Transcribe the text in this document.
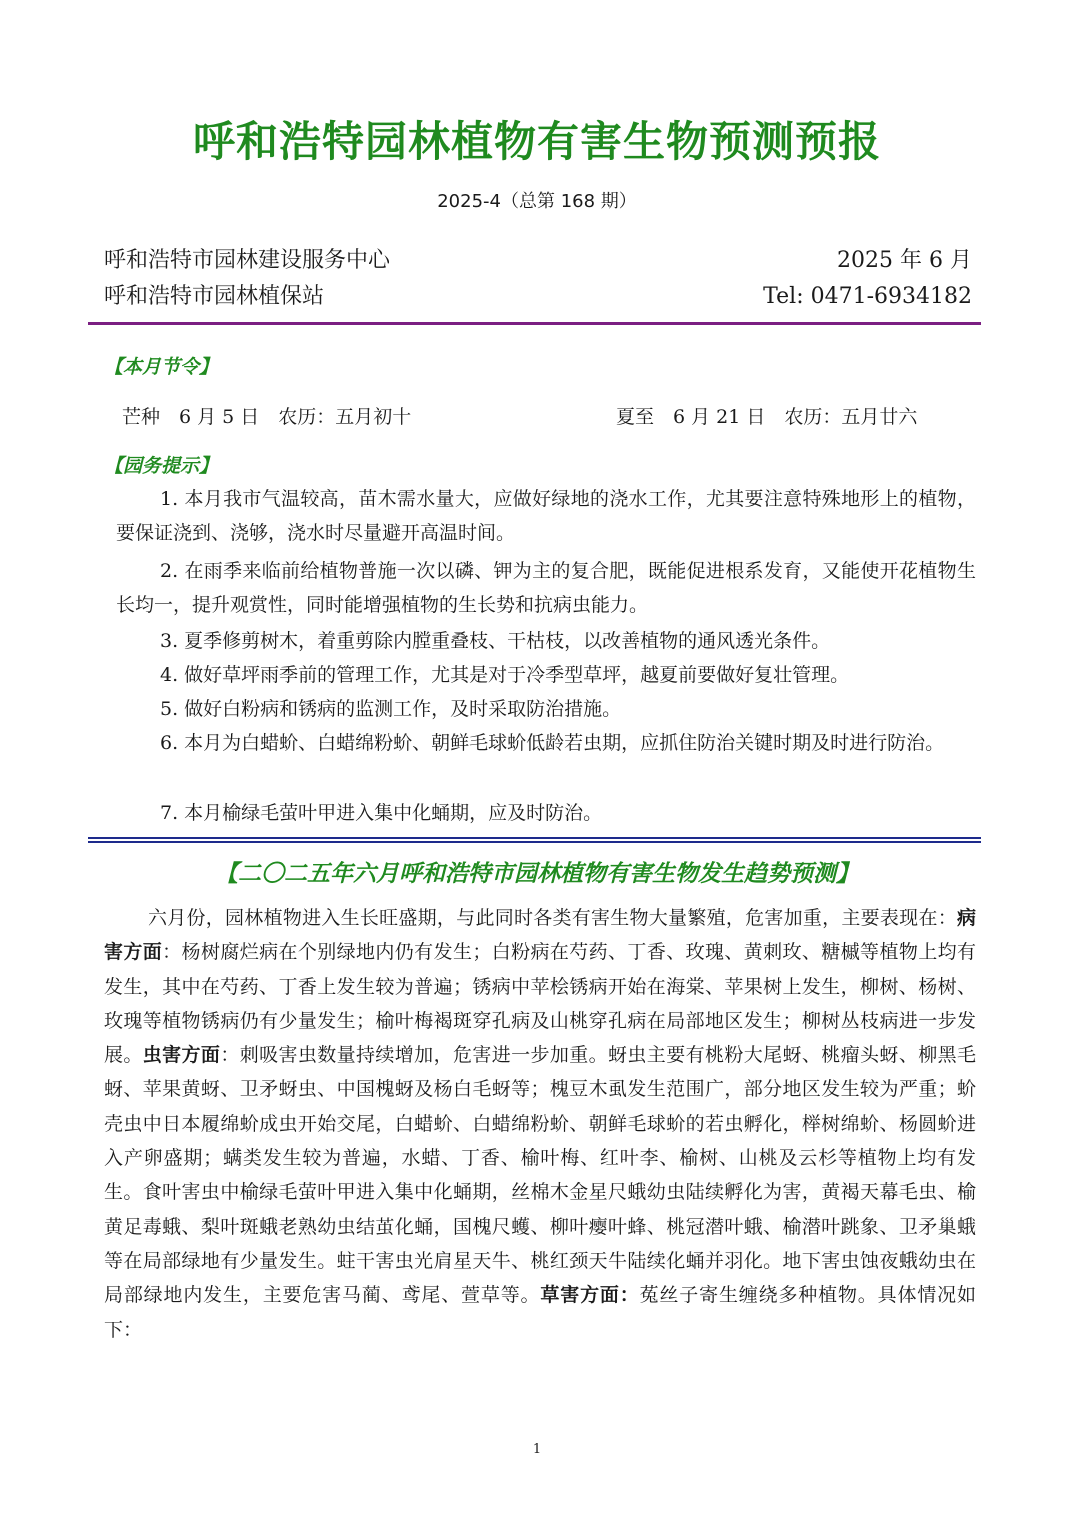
呼和浩特园林植物有害生物预测预报
2025-4（总第 168 期）
呼和浩特市园林建设服务中心	2025 年 6 月
呼和浩特市园林植保站	Tel: 0471-6934182
【本月节令】
芒种　6 月 5 日　农历：五月初十	夏至　6 月 21 日　农历：五月廿六
【园务提示】

1. 本月我市气温较高，苗木需水量大，应做好绿地的浇水工作，尤其要注意特殊地形上的植物，要保证浇到、浇够，浇水时尽量避开高温时间。

2. 在雨季来临前给植物普施一次以磷、钾为主的复合肥，既能促进根系发育，又能使开花植物生长均一，提升观赏性，同时能增强植物的生长势和抗病虫能力。

3. 夏季修剪树木，着重剪除内膛重叠枝、干枯枝，以改善植物的通风透光条件。

4. 做好草坪雨季前的管理工作，尤其是对于冷季型草坪，越夏前要做好复壮管理。

5. 做好白粉病和锈病的监测工作，及时采取防治措施。

6. 本月为白蜡蚧、白蜡绵粉蚧、朝鲜毛球蚧低龄若虫期，应抓住防治关键时期及时进行防治。

7. 本月榆绿毛萤叶甲进入集中化蛹期，应及时防治。

【二〇二五年六月呼和浩特市园林植物有害生物发生趋势预测】

六月份，园林植物进入生长旺盛期，与此同时各类有害生物大量繁殖，危害加重，主要表现在：病害方面：杨树腐烂病在个别绿地内仍有发生；白粉病在芍药、丁香、玫瑰、黄刺玫、糖槭等植物上均有发生，其中在芍药、丁香上发生较为普遍；锈病中苹桧锈病开始在海棠、苹果树上发生，柳树、杨树、玫瑰等植物锈病仍有少量发生；榆叶梅褐斑穿孔病及山桃穿孔病在局部地区发生；柳树丛枝病进一步发展。虫害方面：刺吸害虫数量持续增加，危害进一步加重。蚜虫主要有桃粉大尾蚜、桃瘤头蚜、柳黑毛蚜、苹果黄蚜、卫矛蚜虫、中国槐蚜及杨白毛蚜等；槐豆木虱发生范围广，部分地区发生较为严重；蚧壳虫中日本履绵蚧成虫开始交尾，白蜡蚧、白蜡绵粉蚧、朝鲜毛球蚧的若虫孵化，榉树绵蚧、杨圆蚧进入产卵盛期；螨类发生较为普遍，水蜡、丁香、榆叶梅、红叶李、榆树、山桃及云杉等植物上均有发生。食叶害虫中榆绿毛萤叶甲进入集中化蛹期，丝棉木金星尺蛾幼虫陆续孵化为害，黄褐天幕毛虫、榆黄足毒蛾、梨叶斑蛾老熟幼虫结茧化蛹，国槐尺蠖、柳叶瘿叶蜂、桃冠潜叶蛾、榆潜叶跳象、卫矛巢蛾等在局部绿地有少量发生。蛀干害虫光肩星天牛、桃红颈天牛陆续化蛹并羽化。地下害虫蚀夜蛾幼虫在局部绿地内发生，主要危害马蔺、鸢尾、萱草等。草害方面：菟丝子寄生缠绕多种植物。具体情况如下：

1
